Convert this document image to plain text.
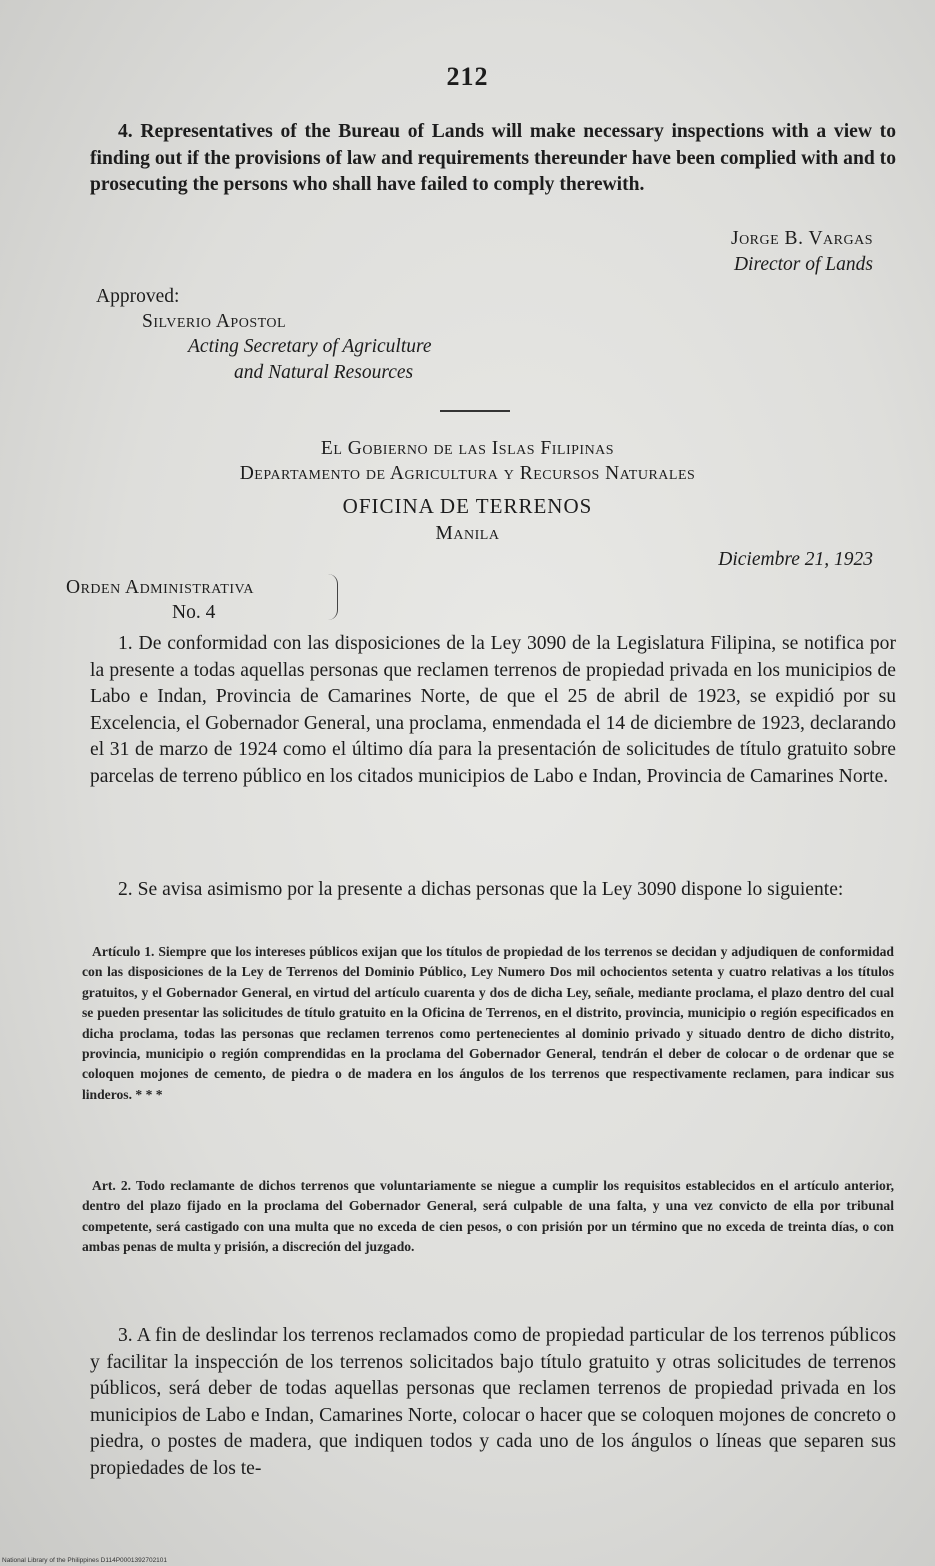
212

4. Representatives of the Bureau of Lands will make necessary inspections with a view to finding out if the provisions of law and requirements thereunder have been complied with and to prosecuting the persons who shall have failed to comply therewith.

Jorge B. Vargas
Director of Lands
Approved:
Silverio Apostol
Acting Secretary of Agriculture
and Natural Resources
El Gobierno de las Islas Filipinas
Departamento de Agricultura y Recursos Naturales
OFICINA DE TERRENOS
Manila
Diciembre 21, 1923
Orden Administrativa
No. 4

1. De conformidad con las disposiciones de la Ley 3090 de la Legislatura Filipina, se notifica por la presente a todas aquellas personas que reclamen terrenos de propiedad privada en los municipios de Labo e Indan, Provincia de Camarines Norte, de que el 25 de abril de 1923, se expidió por su Excelencia, el Gobernador General, una proclama, enmendada el 14 de diciembre de 1923, declarando el 31 de marzo de 1924 como el último día para la presentación de solicitudes de título gratuito sobre parcelas de terreno público en los citados municipios de Labo e Indan, Provincia de Camarines Norte.

2. Se avisa asimismo por la presente a dichas personas que la Ley 3090 dispone lo siguiente:

Artículo 1. Siempre que los intereses públicos exijan que los títulos de propiedad de los terrenos se decidan y adjudiquen de conformidad con las disposiciones de la Ley de Terrenos del Dominio Público, Ley Numero Dos mil ochocientos setenta y cuatro relativas a los títulos gratuitos, y el Gobernador General, en virtud del artículo cuarenta y dos de dicha Ley, señale, mediante proclama, el plazo dentro del cual se pueden presentar las solicitudes de título gratuito en la Oficina de Terrenos, en el distrito, provincia, municipio o región especificados en dicha proclama, todas las personas que reclamen terrenos como pertenecientes al dominio privado y situado dentro de dicho distrito, provincia, municipio o región comprendidas en la proclama del Gobernador General, tendrán el deber de colocar o de ordenar que se coloquen mojones de cemento, de piedra o de madera en los ángulos de los terrenos que respectivamente reclamen, para indicar sus linderos. * * *

Art. 2. Todo reclamante de dichos terrenos que voluntariamente se niegue a cumplir los requisitos establecidos en el artículo anterior, dentro del plazo fijado en la proclama del Gobernador General, será culpable de una falta, y una vez convicto de ella por tribunal competente, será castigado con una multa que no exceda de cien pesos, o con prisión por un término que no exceda de treinta días, o con ambas penas de multa y prisión, a discreción del juzgado.

3. A fin de deslindar los terrenos reclamados como de propiedad particular de los terrenos públicos y facilitar la inspección de los terrenos solicitados bajo título gratuito y otras solicitudes de terrenos públicos, será deber de todas aquellas personas que reclamen terrenos de propiedad privada en los municipios de Labo e Indan, Camarines Norte, colocar o hacer que se coloquen mojones de concreto o piedra, o postes de madera, que indiquen todos y cada uno de los ángulos o líneas que separen sus propiedades de los te-

National Library of the Philippines D114P0001392702101
